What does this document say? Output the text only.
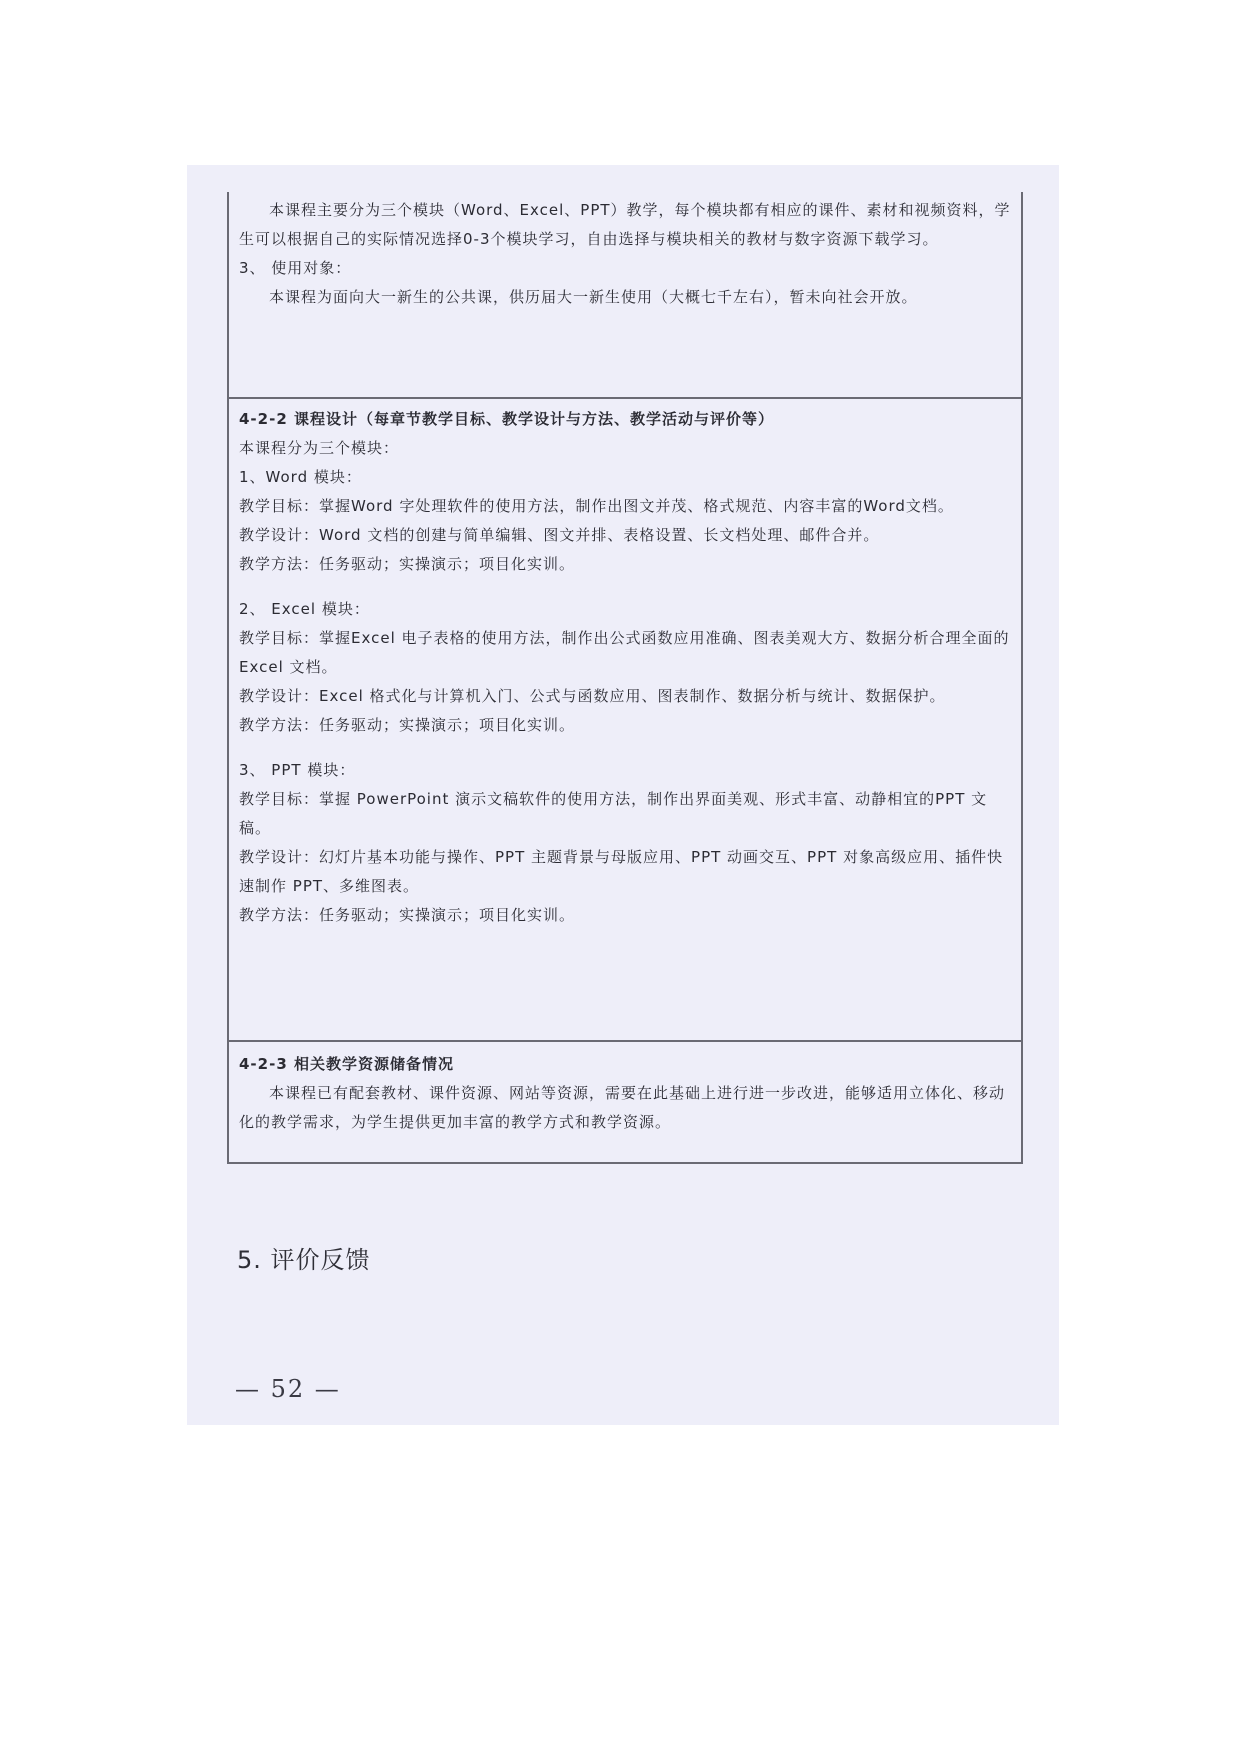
本课程主要分为三个模块（Word、Excel、PPT）教学，每个模块都有相应的课件、素材和视频资料，学生可以根据自己的实际情况选择0-3个模块学习，自由选择与模块相关的教材与数字资源下载学习。

3、 使用对象：

本课程为面向大一新生的公共课，供历届大一新生使用（大概七千左右），暂未向社会开放。

4-2-2 课程设计（每章节教学目标、教学设计与方法、教学活动与评价等）

本课程分为三个模块：

1、Word 模块：

教学目标：掌握Word 字处理软件的使用方法，制作出图文并茂、格式规范、内容丰富的Word文档。

教学设计：Word 文档的创建与简单编辑、图文并排、表格设置、长文档处理、邮件合并。

教学方法：任务驱动；实操演示；项目化实训。

2、 Excel 模块：

教学目标：掌握Excel 电子表格的使用方法，制作出公式函数应用准确、图表美观大方、数据分析合理全面的Excel 文档。

教学设计：Excel 格式化与计算机入门、公式与函数应用、图表制作、数据分析与统计、数据保护。

教学方法：任务驱动；实操演示；项目化实训。

3、 PPT 模块：

教学目标：掌握 PowerPoint 演示文稿软件的使用方法，制作出界面美观、形式丰富、动静相宜的PPT 文稿。

教学设计：幻灯片基本功能与操作、PPT 主题背景与母版应用、PPT 动画交互、PPT 对象高级应用、插件快速制作 PPT、多维图表。

教学方法：任务驱动；实操演示；项目化实训。

4-2-3 相关教学资源储备情况

本课程已有配套教材、课件资源、网站等资源，需要在此基础上进行进一步改进，能够适用立体化、移动化的教学需求，为学生提供更加丰富的教学方式和教学资源。

5. 评价反馈
— 52 —
